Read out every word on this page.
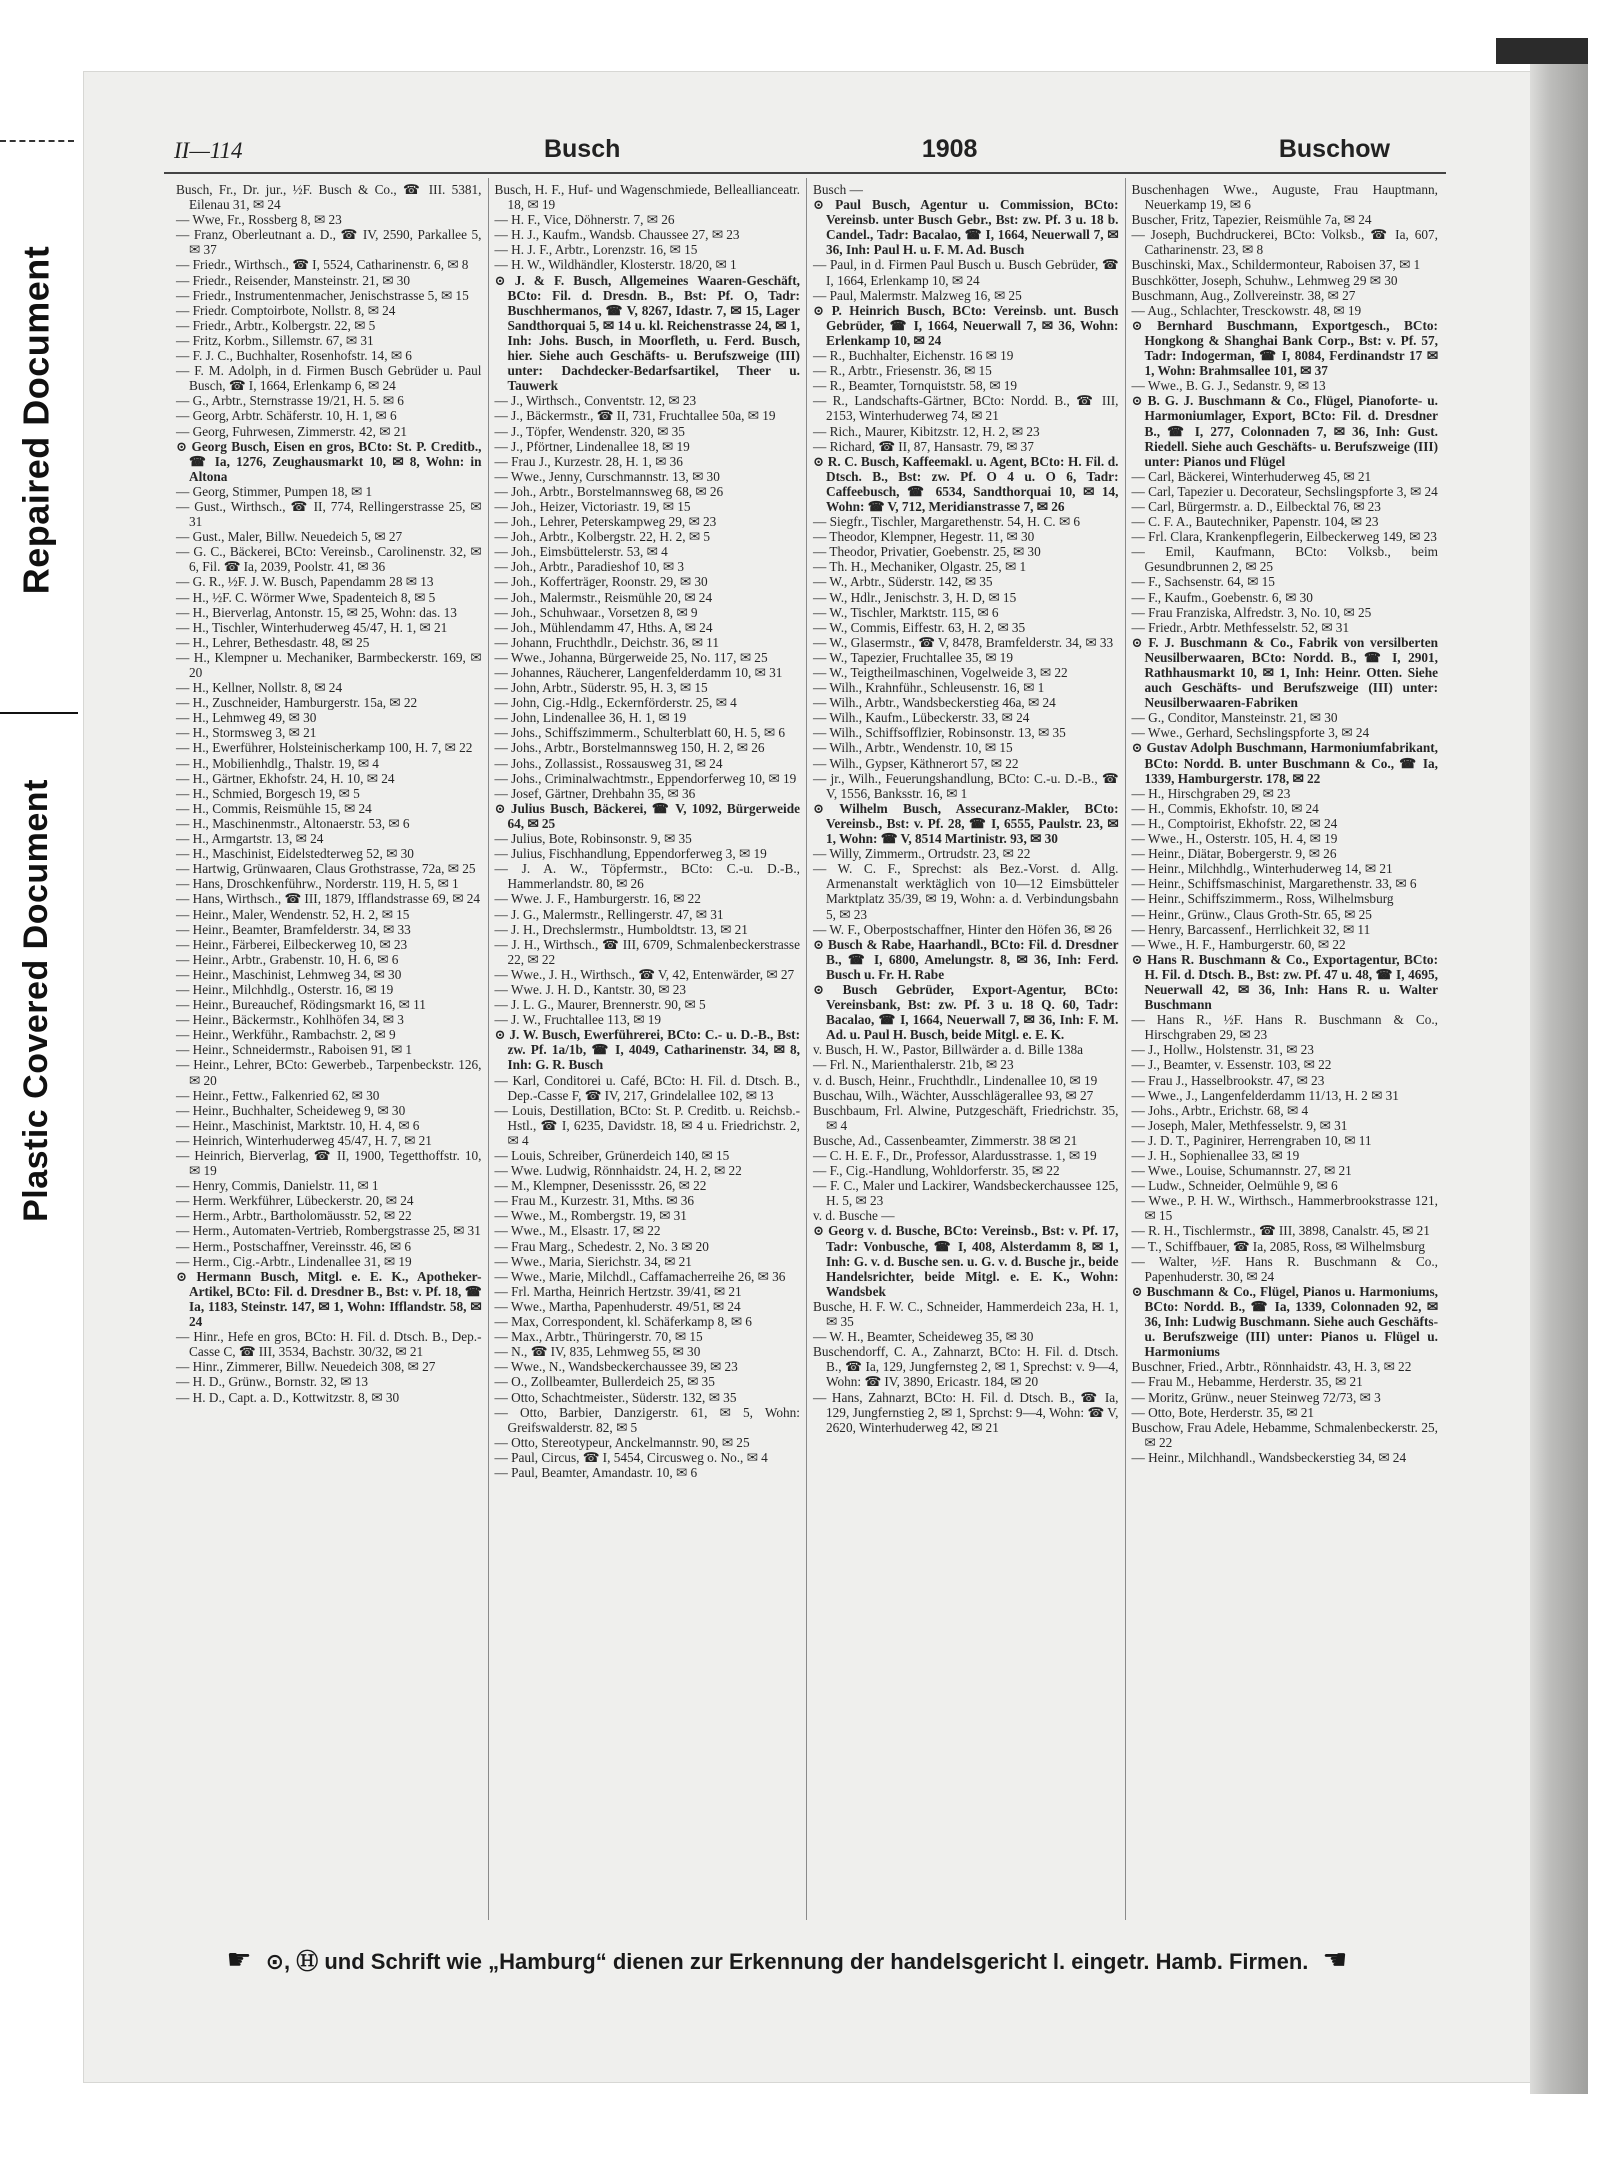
Repaired Document
Plastic Covered Document
II—114	Busch	1908	Buschow

Busch, Fr., Dr. jur., ½F. Busch & Co., ☎ III. 5381, Eilenau 31, ✉ 24

— Wwe, Fr., Rossberg 8, ✉ 23

— Franz, Oberleutnant a. D., ☎ IV, 2590, Parkallee 5, ✉ 37

— Friedr., Wirthsch., ☎ I, 5524, Catharinenstr. 6, ✉ 8

— Friedr., Reisender, Mansteinstr. 21, ✉ 30

— Friedr., Instrumentenmacher, Jenischstrasse 5, ✉ 15

— Friedr. Comptoirbote, Nollstr. 8, ✉ 24

— Friedr., Arbtr., Kolbergstr. 22, ✉ 5

— Fritz, Korbm., Sillemstr. 67, ✉ 31

— F. J. C., Buchhalter, Rosenhofstr. 14, ✉ 6

— F. M. Adolph, in d. Firmen Busch Gebrüder u. Paul Busch, ☎ I, 1664, Erlenkamp 6, ✉ 24

— G., Arbtr., Sternstrasse 19/21, H. 5. ✉ 6

— Georg, Arbtr. Schäferstr. 10, H. 1, ✉ 6

— Georg, Fuhrwesen, Zimmerstr. 42, ✉ 21

⊙ Georg Busch, Eisen en gros, BCto: St. P. Creditb., ☎ Ia, 1276, Zeughausmarkt 10, ✉ 8, Wohn: in Altona

— Georg, Stimmer, Pumpen 18, ✉ 1

— Gust., Wirthsch., ☎ II, 774, Rellingerstrasse 25, ✉ 31

— Gust., Maler, Billw. Neuedeich 5, ✉ 27

— G. C., Bäckerei, BCto: Vereinsb., Carolinenstr. 32, ✉ 6, Fil. ☎ Ia, 2039, Poolstr. 41, ✉ 36

— G. R., ½F. J. W. Busch, Papendamm 28 ✉ 13

— H., ½F. C. Wörmer Wwe, Spadenteich 8, ✉ 5

— H., Bierverlag, Antonstr. 15, ✉ 25, Wohn: das. 13

— H., Tischler, Winterhuderweg 45/47, H. 1, ✉ 21

— H., Lehrer, Bethesdastr. 48, ✉ 25

— H., Klempner u. Mechaniker, Barmbeckerstr. 169, ✉ 20

— H., Kellner, Nollstr. 8, ✉ 24

— H., Zuschneider, Hamburgerstr. 15a, ✉ 22

— H., Lehmweg 49, ✉ 30

— H., Stormsweg 3, ✉ 21

— H., Ewerführer, Holsteinischerkamp 100, H. 7, ✉ 22

— H., Mobilienhdlg., Thalstr. 19, ✉ 4

— H., Gärtner, Ekhofstr. 24, H. 10, ✉ 24

— H., Schmied, Borgesch 19, ✉ 5

— H., Commis, Reismühle 15, ✉ 24

— H., Maschinenmstr., Altonaerstr. 53, ✉ 6

— H., Armgartstr. 13, ✉ 24

— H., Maschinist, Eidelstedterweg 52, ✉ 30

— Hartwig, Grünwaaren, Claus Grothstrasse, 72a, ✉ 25

— Hans, Droschkenführw., Norderstr. 119, H. 5, ✉ 1

— Hans, Wirthsch., ☎ III, 1879, Ifflandstrasse 69, ✉ 24

— Heinr., Maler, Wendenstr. 52, H. 2, ✉ 15

— Heinr., Beamter, Bramfelderstr. 34, ✉ 33

— Heinr., Färberei, Eilbeckerweg 10, ✉ 23

— Heinr., Arbtr., Grabenstr. 10, H. 6, ✉ 6

— Heinr., Maschinist, Lehmweg 34, ✉ 30

— Heinr., Milchhdlg., Osterstr. 16, ✉ 19

— Heinr., Bureauchef, Rödingsmarkt 16, ✉ 11

— Heinr., Bäckermstr., Kohlhöfen 34, ✉ 3

— Heinr., Werkführ., Rambachstr. 2, ✉ 9

— Heinr., Schneidermstr., Raboisen 91, ✉ 1

— Heinr., Lehrer, BCto: Gewerbeb., Tarpenbeckstr. 126, ✉ 20

— Heinr., Fettw., Falkenried 62, ✉ 30

— Heinr., Buchhalter, Scheideweg 9, ✉ 30

— Heinr., Maschinist, Marktstr. 10, H. 4, ✉ 6

— Heinrich, Winterhuderweg 45/47, H. 7, ✉ 21

— Heinrich, Bierverlag, ☎ II, 1900, Tegetthoffstr. 10, ✉ 19

— Henry, Commis, Danielstr. 11, ✉ 1

— Herm. Werkführer, Lübeckerstr. 20, ✉ 24

— Herm., Arbtr., Bartholomäusstr. 52, ✉ 22

— Herm., Automaten-Vertrieb, Rombergstrasse 25, ✉ 31

— Herm., Postschaffner, Vereinsstr. 46, ✉ 6

— Herm., Cig.-Arbtr., Lindenallee 31, ✉ 19

⊙ Hermann Busch, Mitgl. e. E. K., Apotheker-Artikel, BCto: Fil. d. Dresdner B., Bst: v. Pf. 18, ☎ Ia, 1183, Steinstr. 147, ✉ 1, Wohn: Ifflandstr. 58, ✉ 24

— Hinr., Hefe en gros, BCto: H. Fil. d. Dtsch. B., Dep.-Casse C, ☎ III, 3534, Bachstr. 30/32, ✉ 21

— Hinr., Zimmerer, Billw. Neuedeich 308, ✉ 27

— H. D., Grünw., Bornstr. 32, ✉ 13

— H. D., Capt. a. D., Kottwitzstr. 8, ✉ 30

Busch, H. F., Huf- und Wagenschmiede, Belleallianceatr. 18, ✉ 19

— H. F., Vice, Döhnerstr. 7, ✉ 26

— H. J., Kaufm., Wandsb. Chaussee 27, ✉ 23

— H. J. F., Arbtr., Lorenzstr. 16, ✉ 15

— H. W., Wildhändler, Klosterstr. 18/20, ✉ 1

⊙ J. & F. Busch, Allgemeines Waaren-Geschäft, BCto: Fil. d. Dresdn. B., Bst: Pf. O, Tadr: Buschhermanos, ☎ V, 8267, Idastr. 7, ✉ 15, Lager Sandthorquai 5, ✉ 14 u. kl. Reichenstrasse 24, ✉ 1, Inh: Johs. Busch, in Moorfleth, u. Ferd. Busch, hier. Siehe auch Geschäfts- u. Berufszweige (III) unter: Dachdecker-Bedarfsartikel, Theer u. Tauwerk

— J., Wirthsch., Conventstr. 12, ✉ 23

— J., Bäckermstr., ☎ II, 731, Fruchtallee 50a, ✉ 19

— J., Töpfer, Wendenstr. 320, ✉ 35

— J., Pförtner, Lindenallee 18, ✉ 19

— Frau J., Kurzestr. 28, H. 1, ✉ 36

— Wwe., Jenny, Curschmannstr. 13, ✉ 30

— Joh., Arbtr., Borstelmannsweg 68, ✉ 26

— Joh., Heizer, Victoriastr. 19, ✉ 15

— Joh., Lehrer, Peterskampweg 29, ✉ 23

— Joh., Arbtr., Kolbergstr. 22, H. 2, ✉ 5

— Joh., Eimsbüttelerstr. 53, ✉ 4

— Joh., Arbtr., Paradieshof 10, ✉ 3

— Joh., Kofferträger, Roonstr. 29, ✉ 30

— Joh., Malermstr., Reismühle 20, ✉ 24

— Joh., Schuhwaar., Vorsetzen 8, ✉ 9

— Joh., Mühlendamm 47, Hths. A, ✉ 24

— Johann, Fruchthdlr., Deichstr. 36, ✉ 11

— Wwe., Johanna, Bürgerweide 25, No. 117, ✉ 25

— Johannes, Räucherer, Langenfelderdamm 10, ✉ 31

— John, Arbtr., Süderstr. 95, H. 3, ✉ 15

— John, Cig.-Hdlg., Eckernförderstr. 25, ✉ 4

— John, Lindenallee 36, H. 1, ✉ 19

— Johs., Schiffszimmerm., Schulterblatt 60, H. 5, ✉ 6

— Johs., Arbtr., Borstelmannsweg 150, H. 2, ✉ 26

— Johs., Zollassist., Rossausweg 31, ✉ 24

— Johs., Criminalwachtmstr., Eppendorferweg 10, ✉ 19

— Josef, Gärtner, Drehbahn 35, ✉ 36

⊙ Julius Busch, Bäckerei, ☎ V, 1092, Bürgerweide 64, ✉ 25

— Julius, Bote, Robinsonstr. 9, ✉ 35

— Julius, Fischhandlung, Eppendorferweg 3, ✉ 19

— J. A. W., Töpfermstr., BCto: C.-u. D.-B., Hammerlandstr. 80, ✉ 26

— Wwe. J. F., Hamburgerstr. 16, ✉ 22

— J. G., Malermstr., Rellingerstr. 47, ✉ 31

— J. H., Drechslermstr., Humboldtstr. 13, ✉ 21

— J. H., Wirthsch., ☎ III, 6709, Schmalenbeckerstrasse 22, ✉ 22

— Wwe., J. H., Wirthsch., ☎ V, 42, Entenwärder, ✉ 27

— Wwe. J. H. D., Kantstr. 30, ✉ 23

— J. L. G., Maurer, Brennerstr. 90, ✉ 5

— J. W., Fruchtallee 113, ✉ 19

⊙ J. W. Busch, Ewerführerei, BCto: C.- u. D.-B., Bst: zw. Pf. 1a/1b, ☎ I, 4049, Catharinenstr. 34, ✉ 8, Inh: G. R. Busch

— Karl, Conditorei u. Café, BCto: H. Fil. d. Dtsch. B., Dep.-Casse F, ☎ IV, 217, Grindelallee 102, ✉ 13

— Louis, Destillation, BCto: St. P. Creditb. u. Reichsb.-Hstl., ☎ I, 6235, Davidstr. 18, ✉ 4 u. Friedrichstr. 2, ✉ 4

— Louis, Schreiber, Grünerdeich 140, ✉ 15

— Wwe. Ludwig, Rönnhaidstr. 24, H. 2, ✉ 22

— M., Klempner, Desenissstr. 26, ✉ 22

— Frau M., Kurzestr. 31, Mths. ✉ 36

— Wwe., M., Rombergstr. 19, ✉ 31

— Wwe., M., Elsastr. 17, ✉ 22

— Frau Marg., Schedestr. 2, No. 3 ✉ 20

— Wwe., Maria, Sierichstr. 34, ✉ 21

— Wwe., Marie, Milchdl., Caffamacherreihe 26, ✉ 36

— Frl. Martha, Heinrich Hertzstr. 39/41, ✉ 21

— Wwe., Martha, Papenhuderstr. 49/51, ✉ 24

— Max, Correspondent, kl. Schäferkamp 8, ✉ 6

— Max., Arbtr., Thüringerstr. 70, ✉ 15

— N., ☎ IV, 835, Lehmweg 55, ✉ 30

— Wwe., N., Wandsbeckerchaussee 39, ✉ 23

— O., Zollbeamter, Bullerdeich 25, ✉ 35

— Otto, Schachtmeister., Süderstr. 132, ✉ 35

— Otto, Barbier, Danzigerstr. 61, ✉ 5, Wohn: Greifswalderstr. 82, ✉ 5

— Otto, Stereotypeur, Anckelmannstr. 90, ✉ 25

— Paul, Circus, ☎ I, 5454, Circusweg o. No., ✉ 4

— Paul, Beamter, Amandastr. 10, ✉ 6

Busch —

⊙ Paul Busch, Agentur u. Commission, BCto: Vereinsb. unter Busch Gebr., Bst: zw. Pf. 3 u. 18 b. Candel., Tadr: Bacalao, ☎ I, 1664, Neuerwall 7, ✉ 36, Inh: Paul H. u. F. M. Ad. Busch

— Paul, in d. Firmen Paul Busch u. Busch Gebrüder, ☎ I, 1664, Erlenkamp 10, ✉ 24

— Paul, Malermstr. Malzweg 16, ✉ 25

⊙ P. Heinrich Busch, BCto: Vereinsb. unt. Busch Gebrüder, ☎ I, 1664, Neuerwall 7, ✉ 36, Wohn: Erlenkamp 10, ✉ 24

— R., Buchhalter, Eichenstr. 16 ✉ 19

— R., Arbtr., Friesenstr. 36, ✉ 15

— R., Beamter, Tornquiststr. 58, ✉ 19

— R., Landschafts-Gärtner, BCto: Nordd. B., ☎ III, 2153, Winterhuderweg 74, ✉ 21

— Rich., Maurer, Kibitzstr. 12, H. 2, ✉ 23

— Richard, ☎ II, 87, Hansastr. 79, ✉ 37

⊙ R. C. Busch, Kaffeemakl. u. Agent, BCto: H. Fil. d. Dtsch. B., Bst: zw. Pf. O 4 u. O 6, Tadr: Caffeebusch, ☎ 6534, Sandthorquai 10, ✉ 14, Wohn: ☎ V, 712, Meridianstrasse 7, ✉ 26

— Siegfr., Tischler, Margarethenstr. 54, H. C. ✉ 6

— Theodor, Klempner, Hegestr. 11, ✉ 30

— Theodor, Privatier, Goebenstr. 25, ✉ 30

— Th. H., Mechaniker, Olgastr. 25, ✉ 1

— W., Arbtr., Süderstr. 142, ✉ 35

— W., Hdlr., Jenischstr. 3, H. D, ✉ 15

— W., Tischler, Marktstr. 115, ✉ 6

— W., Commis, Eiffestr. 63, H. 2, ✉ 35

— W., Glasermstr., ☎ V, 8478, Bramfelderstr. 34, ✉ 33

— W., Tapezier, Fruchtallee 35, ✉ 19

— W., Teigtheilmaschinen, Vogelweide 3, ✉ 22

— Wilh., Krahnführ., Schleusenstr. 16, ✉ 1

— Wilh., Arbtr., Wandsbeckerstieg 46a, ✉ 24

— Wilh., Kaufm., Lübeckerstr. 33, ✉ 24

— Wilh., Schiffsofflzier, Robinsonstr. 13, ✉ 35

— Wilh., Arbtr., Wendenstr. 10, ✉ 15

— Wilh., Gypser, Käthnerort 57, ✉ 22

— jr., Wilh., Feuerungshandlung, BCto: C.-u. D.-B., ☎ V, 1556, Banksstr. 16, ✉ 1

⊙ Wilhelm Busch, Assecuranz-Makler, BCto: Vereinsb., Bst: v. Pf. 28, ☎ I, 6555, Paulstr. 23, ✉ 1, Wohn: ☎ V, 8514 Martinistr. 93, ✉ 30

— Willy, Zimmerm., Ortrudstr. 23, ✉ 22

— W. C. F., Sprechst: als Bez.-Vorst. d. Allg. Armenanstalt werktäglich von 10—12 Eimsbütteler Marktplatz 35/39, ✉ 19, Wohn: a. d. Verbindungsbahn 5, ✉ 23

— W. F., Oberpostschaffner, Hinter den Höfen 36, ✉ 26

⊙ Busch & Rabe, Haarhandl., BCto: Fil. d. Dresdner B., ☎ I, 6800, Amelungstr. 8, ✉ 36, Inh: Ferd. Busch u. Fr. H. Rabe

⊙ Busch Gebrüder, Export-Agentur, BCto: Vereinsbank, Bst: zw. Pf. 3 u. 18 Q. 60, Tadr: Bacalao, ☎ I, 1664, Neuerwall 7, ✉ 36, Inh: F. M. Ad. u. Paul H. Busch, beide Mitgl. e. E. K.

v. Busch, H. W., Pastor, Billwärder a. d. Bille 138a

— Frl. N., Marienthalerstr. 21b, ✉ 23

v. d. Busch, Heinr., Fruchthdlr., Lindenallee 10, ✉ 19

Buschau, Wilh., Wächter, Ausschlägerallee 93, ✉ 27

Buschbaum, Frl. Alwine, Putzgeschäft, Friedrichstr. 35, ✉ 4

Busche, Ad., Cassenbeamter, Zimmerstr. 38 ✉ 21

— C. H. E. F., Dr., Professor, Alardusstrasse. 1, ✉ 19

— F., Cig.-Handlung, Wohldorferstr. 35, ✉ 22

— F. C., Maler und Lackirer, Wandsbeckerchaussee 125, H. 5, ✉ 23

v. d. Busche —

⊙ Georg v. d. Busche, BCto: Vereinsb., Bst: v. Pf. 17, Tadr: Vonbusche, ☎ I, 408, Alsterdamm 8, ✉ 1, Inh: G. v. d. Busche sen. u. G. v. d. Busche jr., beide Handelsrichter, beide Mitgl. e. E. K., Wohn: Wandsbek

Busche, H. F. W. C., Schneider, Hammerdeich 23a, H. 1, ✉ 35

— W. H., Beamter, Scheideweg 35, ✉ 30

Buschendorff, C. A., Zahnarzt, BCto: H. Fil. d. Dtsch. B., ☎ Ia, 129, Jungfernsteg 2, ✉ 1, Sprechst: v. 9—4, Wohn: ☎ IV, 3890, Ericastr. 184, ✉ 20

— Hans, Zahnarzt, BCto: H. Fil. d. Dtsch. B., ☎ Ia, 129, Jungfernstieg 2, ✉ 1, Sprchst: 9—4, Wohn: ☎ V, 2620, Winterhuderweg 42, ✉ 21

Buschenhagen Wwe., Auguste, Frau Hauptmann, Neuerkamp 19, ✉ 6

Buscher, Fritz, Tapezier, Reismühle 7a, ✉ 24

— Joseph, Buchdruckerei, BCto: Volksb., ☎ Ia, 607, Catharinenstr. 23, ✉ 8

Buschinski, Max., Schildermonteur, Raboisen 37, ✉ 1

Buschkötter, Joseph, Schuhw., Lehmweg 29 ✉ 30

Buschmann, Aug., Zollvereinstr. 38, ✉ 27

— Aug., Schlachter, Tresckowstr. 48, ✉ 19

⊙ Bernhard Buschmann, Exportgesch., BCto: Hongkong & Shanghai Bank Corp., Bst: v. Pf. 57, Tadr: Indogerman, ☎ I, 8084, Ferdinandstr 17 ✉ 1, Wohn: Brahmsallee 101, ✉ 37

— Wwe., B. G. J., Sedanstr. 9, ✉ 13

⊙ B. G. J. Buschmann & Co., Flügel, Pianoforte- u. Harmoniumlager, Export, BCto: Fil. d. Dresdner B., ☎ I, 277, Colonnaden 7, ✉ 36, Inh: Gust. Riedell. Siehe auch Geschäfts- u. Berufszweige (III) unter: Pianos und Flügel

— Carl, Bäckerei, Winterhuderweg 45, ✉ 21

— Carl, Tapezier u. Decorateur, Sechslingspforte 3, ✉ 24

— Carl, Bürgermstr. a. D., Eilbecktal 76, ✉ 23

— C. F. A., Bautechniker, Papenstr. 104, ✉ 23

— Frl. Clara, Krankenpflegerin, Eilbeckerweg 149, ✉ 23

— Emil, Kaufmann, BCto: Volksb., beim Gesundbrunnen 2, ✉ 25

— F., Sachsenstr. 64, ✉ 15

— F., Kaufm., Goebenstr. 6, ✉ 30

— Frau Franziska, Alfredstr. 3, No. 10, ✉ 25

— Friedr., Arbtr. Methfesselstr. 52, ✉ 31

⊙ F. J. Buschmann & Co., Fabrik von versilberten Neusilberwaaren, BCto: Nordd. B., ☎ I, 2901, Rathhausmarkt 10, ✉ 1, Inh: Heinr. Otten. Siehe auch Geschäfts- und Berufszweige (III) unter: Neusilberwaaren-Fabriken

— G., Conditor, Mansteinstr. 21, ✉ 30

— Wwe., Gerhard, Sechslingspforte 3, ✉ 24

⊙ Gustav Adolph Buschmann, Harmoniumfabrikant, BCto: Nordd. B. unter Buschmann & Co., ☎ Ia, 1339, Hamburgerstr. 178, ✉ 22

— H., Hirschgraben 29, ✉ 23

— H., Commis, Ekhofstr. 10, ✉ 24

— H., Comptoirist, Ekhofstr. 22, ✉ 24

— Wwe., H., Osterstr. 105, H. 4, ✉ 19

— Heinr., Diätar, Bobergerstr. 9, ✉ 26

— Heinr., Milchhdlg., Winterhuderweg 14, ✉ 21

— Heinr., Schiffsmaschinist, Margarethenstr. 33, ✉ 6

— Heinr., Schiffszimmerm., Ross, Wilhelmsburg

— Heinr., Grünw., Claus Groth-Str. 65, ✉ 25

— Henry, Barcassenf., Herrlichkeit 32, ✉ 11

— Wwe., H. F., Hamburgerstr. 60, ✉ 22

⊙ Hans R. Buschmann & Co., Exportagentur, BCto: H. Fil. d. Dtsch. B., Bst: zw. Pf. 47 u. 48, ☎ I, 4695, Neuerwall 42, ✉ 36, Inh: Hans R. u. Walter Buschmann

— Hans R., ½F. Hans R. Buschmann & Co., Hirschgraben 29, ✉ 23

— J., Hollw., Holstenstr. 31, ✉ 23

— J., Beamter, v. Essenstr. 103, ✉ 22

— Frau J., Hasselbrookstr. 47, ✉ 23

— Wwe., J., Langenfelderdamm 11/13, H. 2 ✉ 31

— Johs., Arbtr., Erichstr. 68, ✉ 4

— Joseph, Maler, Methfesselstr. 9, ✉ 31

— J. D. T., Paginirer, Herrengraben 10, ✉ 11

— J. H., Sophienallee 33, ✉ 19

— Wwe., Louise, Schumannstr. 27, ✉ 21

— Ludw., Schneider, Oelmühle 9, ✉ 6

— Wwe., P. H. W., Wirthsch., Hammerbrookstrasse 121, ✉ 15

— R. H., Tischlermstr., ☎ III, 3898, Canalstr. 45, ✉ 21

— T., Schiffbauer, ☎ Ia, 2085, Ross, ✉ Wilhelmsburg

— Walter, ½F. Hans R. Buschmann & Co., Papenhuderstr. 30, ✉ 24

⊙ Buschmann & Co., Flügel, Pianos u. Harmoniums, BCto: Nordd. B., ☎ Ia, 1339, Colonnaden 92, ✉ 36, Inh: Ludwig Buschmann. Siehe auch Geschäfts- u. Berufszweige (III) unter: Pianos u. Flügel u. Harmoniums

Buschner, Fried., Arbtr., Rönnhaidstr. 43, H. 3, ✉ 22

— Frau M., Hebamme, Herderstr. 35, ✉ 21

— Moritz, Grünw., neuer Steinweg 72/73, ✉ 3

— Otto, Bote, Herderstr. 35, ✉ 21

Buschow, Frau Adele, Hebamme, Schmalenbeckerstr. 25, ✉ 22

— Heinr., Milchhandl., Wandsbeckerstieg 34, ✉ 24

☛ ⊙, Ⓗ und Schrift wie „Hamburg“ dienen zur Erkennung der handelsgericht l. eingetr. Hamb. Firmen. ☚
